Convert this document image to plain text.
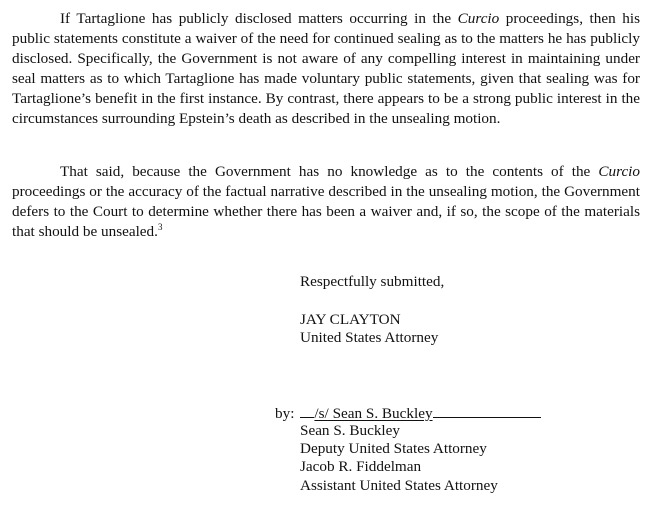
If Tartaglione has publicly disclosed matters occurring in the Curcio proceedings, then his public statements constitute a waiver of the need for continued sealing as to the matters he has publicly disclosed. Specifically, the Government is not aware of any compelling interest in maintaining under seal matters as to which Tartaglione has made voluntary public statements, given that sealing was for Tartaglione’s benefit in the first instance. By contrast, there appears to be a strong public interest in the circumstances surrounding Epstein’s death as described in the unsealing motion.

That said, because the Government has no knowledge as to the contents of the Curcio proceedings or the accuracy of the factual narrative described in the unsealing motion, the Government defers to the Court to determine whether there has been a waiver and, if so, the scope of the materials that should be unsealed.$^3$

Respectfully submitted,

JAY CLAYTON

United States Attorney

by: /s/ Sean S. Buckley

Sean S. Buckley

Deputy United States Attorney

Jacob R. Fiddelman

Assistant United States Attorney
